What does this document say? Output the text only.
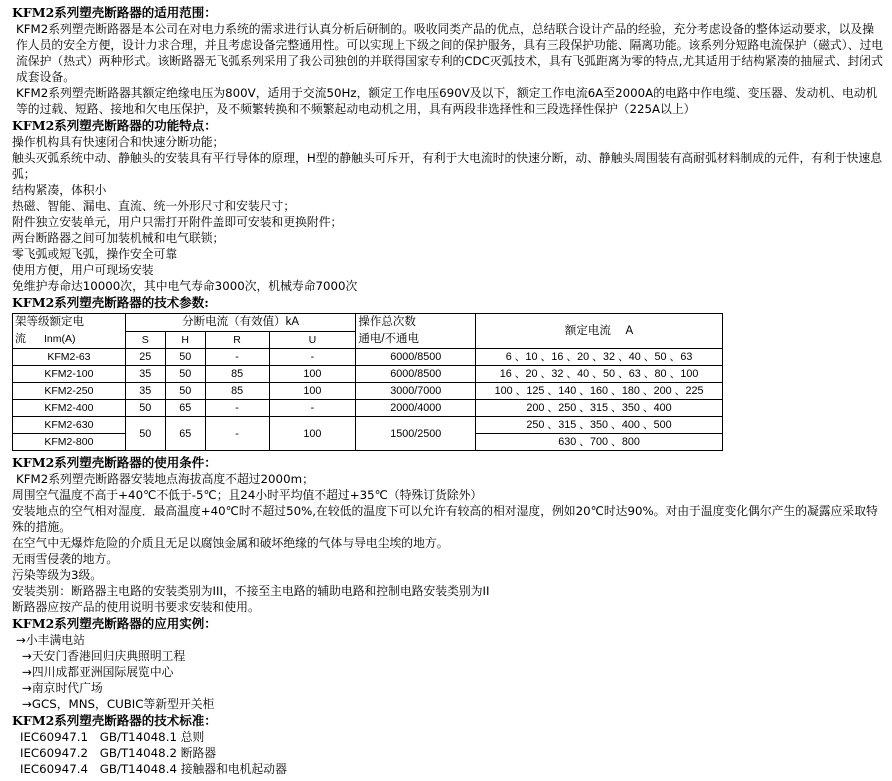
KFM2系列塑壳断路器的适用范围：
KFM2系列塑壳断路器是本公司在对电力系统的需求进行认真分析后研制的。吸收同类产品的优点，总结联合设计产品的经验，充分考虑设备的整体运动要求，以及操作人员的安全方便，设计力求合理，并且考虑设备完整通用性。可以实现上下级之间的保护服务，具有三段保护功能、隔离功能。该系列分短路电流保护（磁式）、过电流保护（热式）两种形式。该断路器无飞弧系列采用了我公司独创的并联得国家专利的CDC灭弧技术，具有飞弧距离为零的特点,尤其适用于结构紧凑的抽屉式、封闭式成套设备。
KFM2系列塑壳断路器其额定绝缘电压为800V，适用于交流50Hz，额定工作电压690V及以下，额定工作电流6A至2000A的电路中作电缆、变压器、发动机、电动机等的过载、短路、接地和欠电压保护，及不频繁转换和不频繁起动电动机之用，具有两段非选择性和三段选择性保护（225A以上）
KFM2系列塑壳断路器的功能特点：
操作机构具有快速闭合和快速分断功能；
触头灭弧系统中动、静触头的安装具有平行导体的原理，H型的静触头可斥开，有利于大电流时的快速分断，动、静触头周围装有高耐弧材料制成的元件，有利于快速息弧；
结构紧凑，体积小
热磁、智能、漏电、直流、统一外形尺寸和安装尺寸；
附件独立安装单元，用户只需打开附件盖即可安装和更换附件；
两台断路器之间可加装机械和电气联锁；
零飞弧或短飞弧，操作安全可靠
使用方便，用户可现场安装
免维护寿命达10000次，其中电气寿命3000次，机械寿命7000次
KFM2系列塑壳断路器的技术参数:
架等级额定电
流 Inm(A)	分断电流（有效值）kA				操作总次数
通电/不通电	额定电流　 A
	S	H	R	U		
KFM2-63	25	50	-	-	6000/8500	6 、10 、16 、20 、32 、40 、50 、63
KFM2-100	35	50	85	100	6000/8500	16 、20 、32 、40 、50 、63 、80 、100
KFM2-250	35	50	85	100	3000/7000	100 、125 、140 、160 、180 、200 、225
KFM2-400	50	65	-	-	2000/4000	200 、250 、315 、350 、400
KFM2-630	50	65	-	100	1500/2500	250 、315 、350 、400 、500
KFM2-800						630 、700 、800
KFM2系列塑壳断路器的使用条件：
KFM2系列塑壳断路器安装地点海拔高度不超过2000m；
周围空气温度不高于+40℃不低于-5℃；且24小时平均值不超过+35℃（特殊订货除外）
安装地点的空气相对湿度．最高温度+40℃时不超过50%,在较低的温度下可以允许有较高的相对湿度，例如20℃时达90%。对由于温度变化偶尔产生的凝露应采取特殊的措施。
在空气中无爆炸危险的介质且无足以腐蚀金属和破坏绝缘的气体与导电尘埃的地方。
无雨雪侵袭的地方。
污染等级为3级。
安装类别：断路器主电路的安装类别为III，不接至主电路的辅助电路和控制电路安装类别为II
断路器应按产品的使用说明书要求安装和使用。
KFM2系列塑壳断路器的应用实例：
→小丰满电站
→天安门香港回归庆典照明工程
→四川成都亚洲国际展览中心
→南京时代广场
→GCS，MNS，CUBIC等新型开关柜
KFM2系列塑壳断路器的技术标准：
IEC60947.1　GB/T14048.1 总则
IEC60947.2　GB/T14048.2 断路器
IEC60947.4　GB/T14048.4 接触器和电机起动器
